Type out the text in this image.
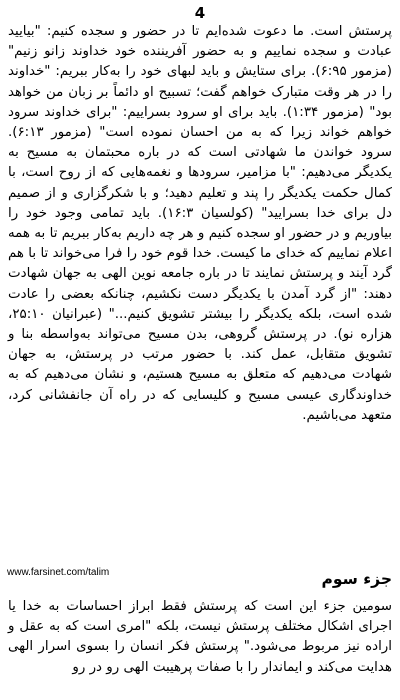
4

پرستش است. ما دعوت شده‌ایم تا در حضور و سجده کنیم: "بیایید عبادت و سجده نماییم و به حضور آفریننده خود خداوند زانو زنیم" (مزمور ۶:۹۵). برای ستایش و باید لبهای خود را به‌کار ببریم: "خداوند را در هر وقت متبارک خواهم گفت؛ تسبیح او دائماً بر زبان من خواهد بود" (مزمور ۱:۳۴). باید برای او سرود بسراییم: "برای خداوند سرود خواهم خواند زیرا که به من احسان نموده است" (مزمور ۶:۱۳). سرود خواندن ما شهادتی است که در باره محبتمان به مسیح به یکدیگر می‌دهیم: "با مزامیر، سرودها و نغمه‌هایی که از روح است، با کمال حکمت یکدیگر را پند و تعلیم دهید؛ و با شکرگزاری و از صمیم دل برای خدا بسرایید" (کولسیان ۱۶:۳). باید تمامی وجود خود را بیاوریم و در حضور او سجده کنیم و هر چه داریم به‌کار ببریم تا به همه اعلام نماییم که خدای ما کیست. خدا قوم خود را فرا می‌خواند تا با هم گرد آیند و پرستش نمایند تا در باره جامعه نوین الهی به جهان شهادت دهند: "از گرد آمدن با یکدیگر دست نکشیم، چنانکه بعضی را عادت شده است، بلکه یکدیگر را بیشتر تشویق کنیم..." (عبرانیان ۲۵:۱۰، هزاره نو). در پرستش گروهی، بدن مسیح می‌تواند به‌واسطه بنا و تشویق متقابل، عمل کند. با حضور مرتب در پرستش، به جهان شهادت می‌دهیم که متعلق به مسیح هستیم، و نشان می‌دهیم که به خداوندگاری عیسی مسیح و کلیسایی که در راه آن جانفشانی کرد، متعهد می‌باشیم.

www.farsinet.com/talim	جزء سوم

سومین جزء این است که پرستش فقط ابراز احساسات به خدا یا اجرای اشکال مختلف پرستش نیست، بلکه "امری است که به عقل و اراده نیز مربوط می‌شود." پرستش فکر انسان را بسوی اسرار الهی هدایت می‌کند و ایماندار را با صفات پرهیبت الهی رو در رو
